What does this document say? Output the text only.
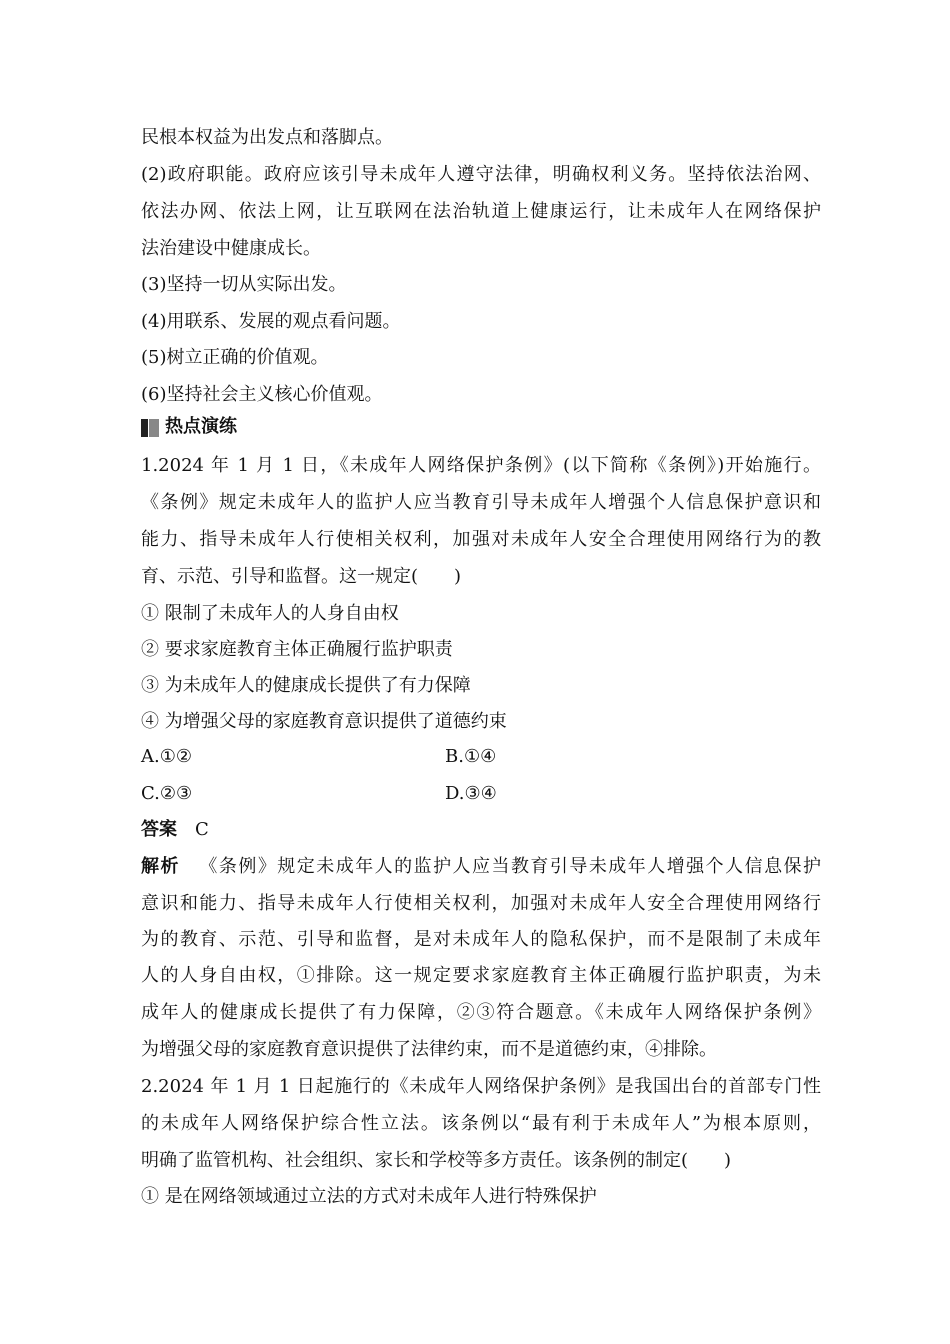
民根本权益为出发点和落脚点。
(2)政府职能。政府应该引导未成年人遵守法律，明确权利义务。坚持依法治网、
依法办网、依法上网，让互联网在法治轨道上健康运行，让未成年人在网络保护
法治建设中健康成长。
(3)坚持一切从实际出发。
(4)用联系、发展的观点看问题。
(5)树立正确的价值观。
(6)坚持社会主义核心价值观。
热点演练
1.2024 年 1 月 1 日，《未成年人网络保护条例》(以下简称《条例》)开始施行。
《条例》规定未成年人的监护人应当教育引导未成年人增强个人信息保护意识和
能力、指导未成年人行使相关权利，加强对未成年人安全合理使用网络行为的教
育、示范、引导和监督。这一规定(　　)
① 限制了未成年人的人身自由权
② 要求家庭教育主体正确履行监护职责
③ 为未成年人的健康成长提供了有力保障
④ 为增强父母的家庭教育意识提供了道德约束
A.①②	B.①④
C.②③	D.③④
答案 C
解析 《条例》规定未成年人的监护人应当教育引导未成年人增强个人信息保护
意识和能力、指导未成年人行使相关权利，加强对未成年人安全合理使用网络行
为的教育、示范、引导和监督，是对未成年人的隐私保护，而不是限制了未成年
人的人身自由权，①排除。这一规定要求家庭教育主体正确履行监护职责，为未
成年人的健康成长提供了有力保障，②③符合题意。《未成年人网络保护条例》
为增强父母的家庭教育意识提供了法律约束，而不是道德约束，④排除。
2.2024 年 1 月 1 日起施行的《未成年人网络保护条例》是我国出台的首部专门性
的未成年人网络保护综合性立法。该条例以“最有利于未成年人”为根本原则，
明确了监管机构、社会组织、家长和学校等多方责任。该条例的制定(　　)
① 是在网络领域通过立法的方式对未成年人进行特殊保护
